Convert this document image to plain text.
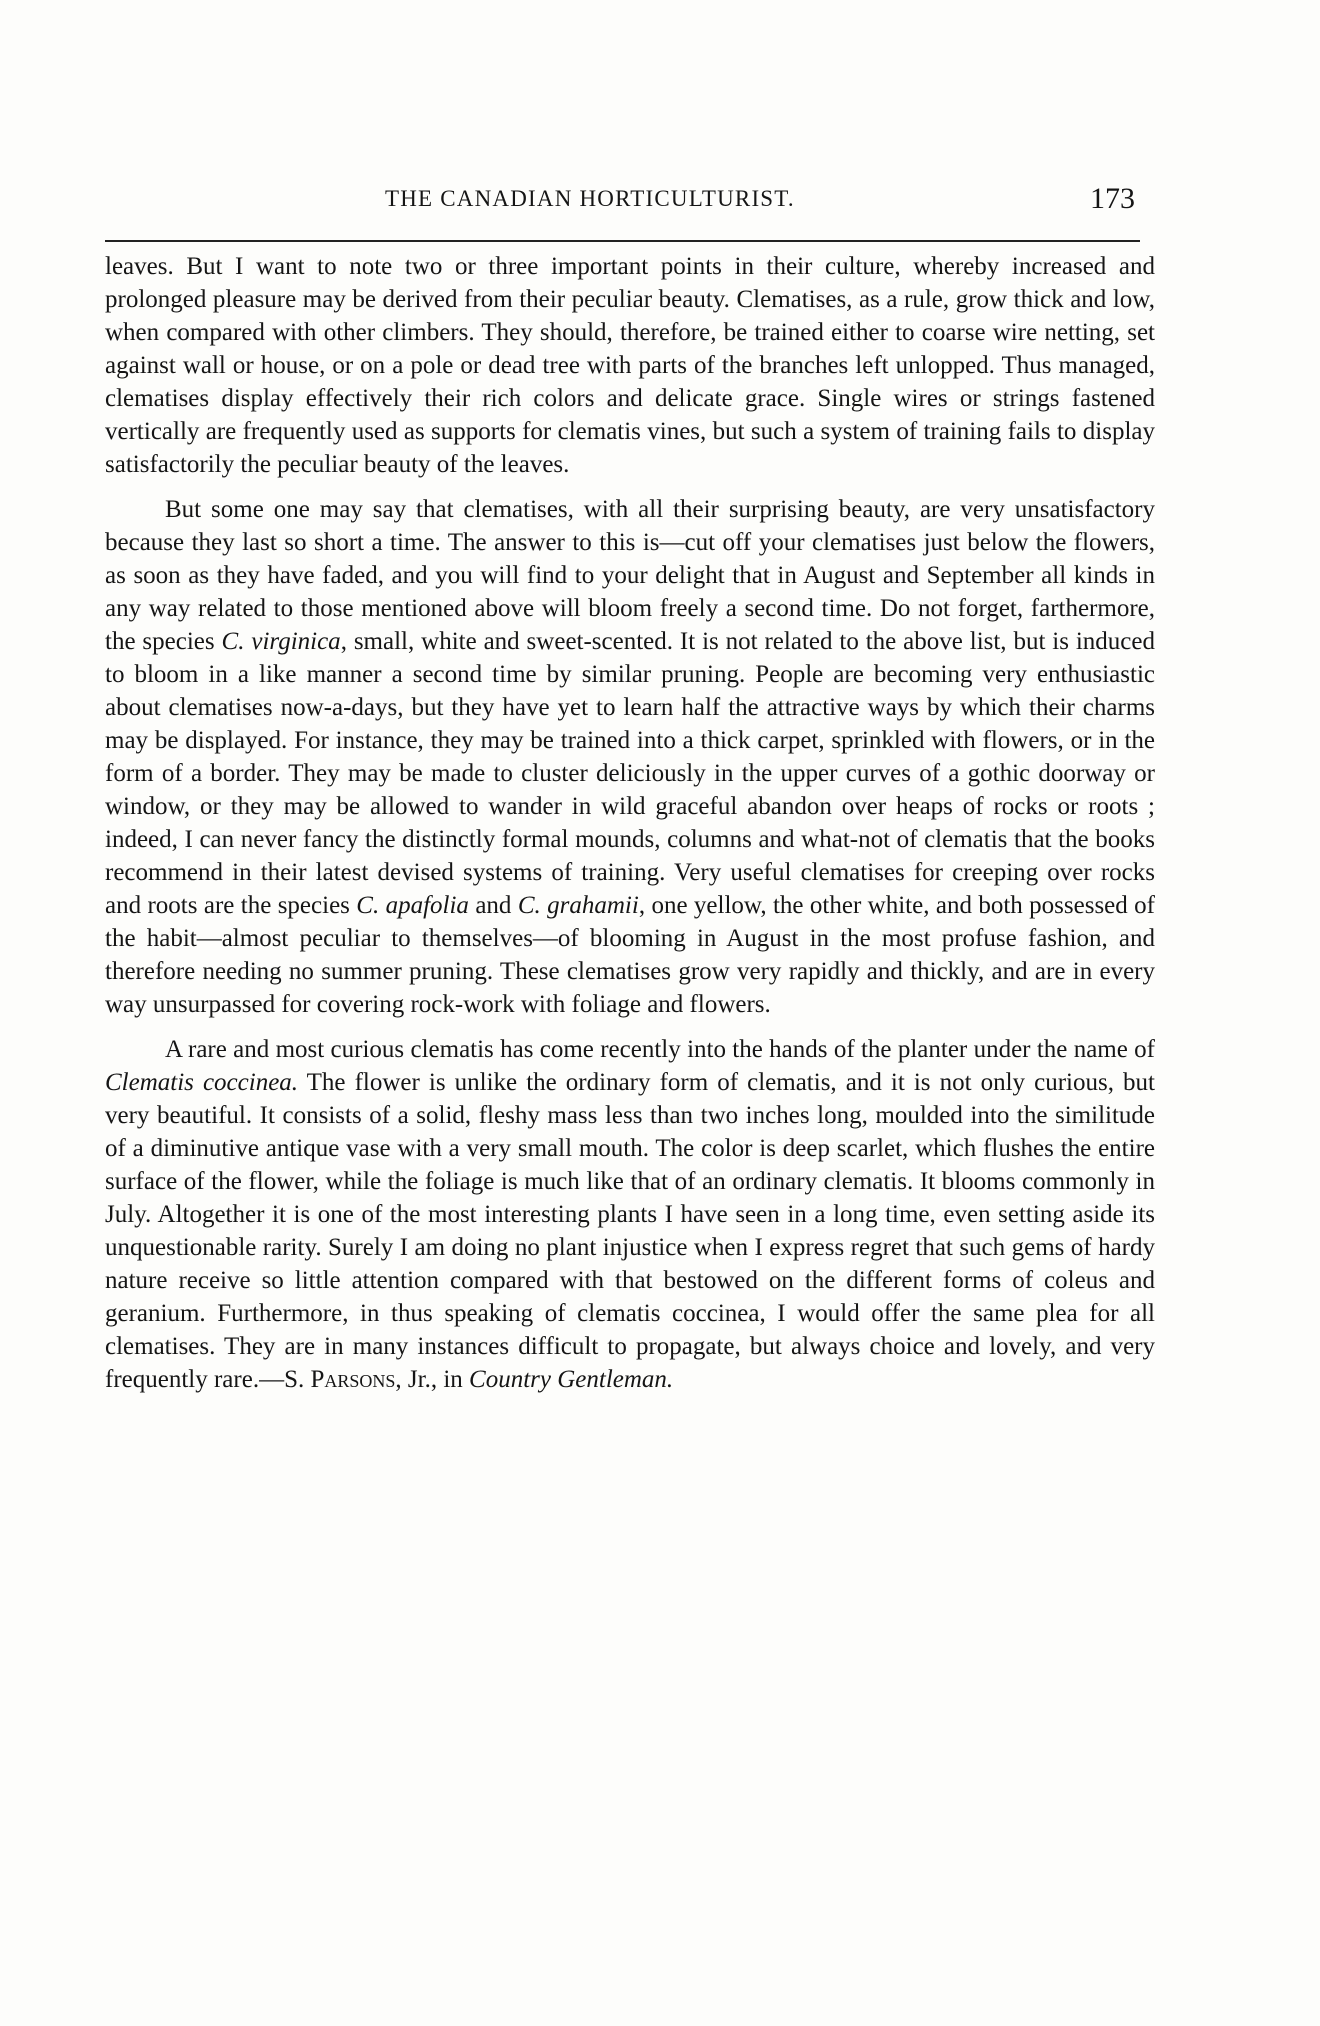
THE CANADIAN HORTICULTURIST.	173

leaves. But I want to note two or three important points in their culture, whereby increased and prolonged pleasure may be derived from their peculiar beauty. Clematises, as a rule, grow thick and low, when compared with other climbers. They should, therefore, be trained either to coarse wire netting, set against wall or house, or on a pole or dead tree with parts of the branches left unlopped. Thus managed, clematises display effectively their rich colors and delicate grace. Single wires or strings fastened vertically are frequently used as supports for clematis vines, but such a system of training fails to display satisfactorily the peculiar beauty of the leaves.

But some one may say that clematises, with all their surprising beauty, are very unsatisfactory because they last so short a time. The answer to this is—cut off your clematises just below the flowers, as soon as they have faded, and you will find to your delight that in August and September all kinds in any way related to those mentioned above will bloom freely a second time. Do not forget, farthermore, the species C. virginica, small, white and sweet-scented. It is not related to the above list, but is induced to bloom in a like manner a second time by similar pruning. People are becoming very enthusiastic about clematises now-a-days, but they have yet to learn half the attractive ways by which their charms may be displayed. For instance, they may be trained into a thick carpet, sprinkled with flowers, or in the form of a border. They may be made to cluster deliciously in the upper curves of a gothic doorway or window, or they may be allowed to wander in wild graceful abandon over heaps of rocks or roots ; indeed, I can never fancy the distinctly formal mounds, columns and what-not of clematis that the books recommend in their latest devised systems of training. Very useful clematises for creeping over rocks and roots are the species C. apafolia and C. grahamii, one yellow, the other white, and both possessed of the habit—almost peculiar to themselves—of blooming in August in the most profuse fashion, and therefore needing no summer pruning. These clematises grow very rapidly and thickly, and are in every way unsurpassed for covering rock-work with foliage and flowers.

A rare and most curious clematis has come recently into the hands of the planter under the name of Clematis coccinea. The flower is unlike the ordinary form of clematis, and it is not only curious, but very beautiful. It consists of a solid, fleshy mass less than two inches long, moulded into the similitude of a diminutive antique vase with a very small mouth. The color is deep scarlet, which flushes the entire surface of the flower, while the foliage is much like that of an ordinary clematis. It blooms commonly in July. Altogether it is one of the most interesting plants I have seen in a long time, even setting aside its unquestionable rarity. Surely I am doing no plant injustice when I express regret that such gems of hardy nature receive so little attention compared with that bestowed on the different forms of coleus and geranium. Furthermore, in thus speaking of clematis coccinea, I would offer the same plea for all clematises. They are in many instances difficult to propagate, but always choice and lovely, and very frequently rare.—S. Parsons, Jr., in Country Gentleman.
